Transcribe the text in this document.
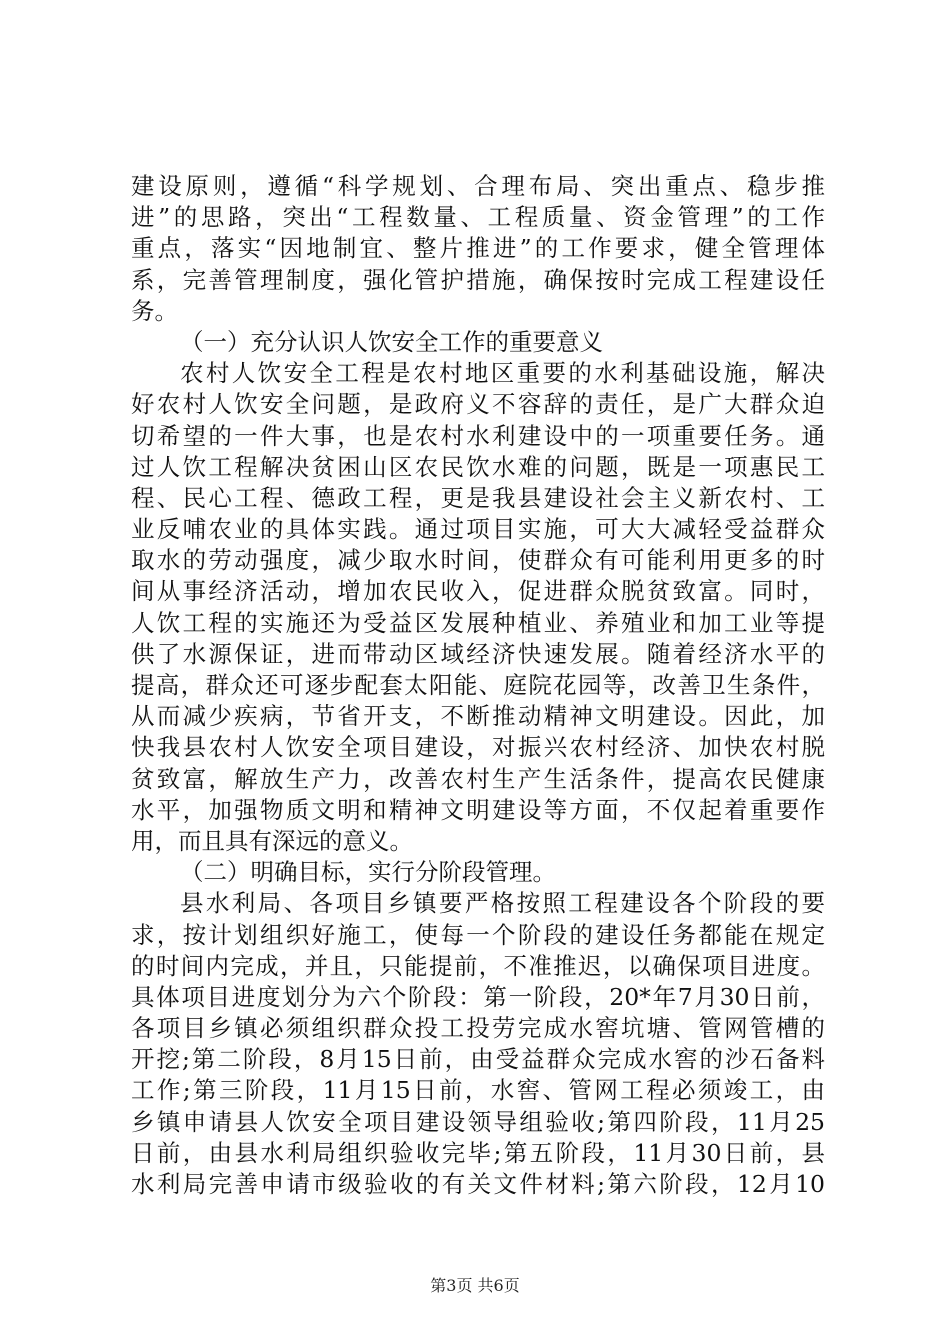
建设原则，遵循“科学规划、合理布局、突出重点、稳步推
进”的思路，突出“工程数量、工程质量、资金管理”的工作
重点，落实“因地制宜、整片推进”的工作要求，健全管理体
系，完善管理制度，强化管护措施，确保按时完成工程建设任
务。
（一）充分认识人饮安全工作的重要意义
农村人饮安全工程是农村地区重要的水利基础设施，解决
好农村人饮安全问题，是政府义不容辞的责任，是广大群众迫
切希望的一件大事，也是农村水利建设中的一项重要任务。通
过人饮工程解决贫困山区农民饮水难的问题，既是一项惠民工
程、民心工程、德政工程，更是我县建设社会主义新农村、工
业反哺农业的具体实践。通过项目实施，可大大减轻受益群众
取水的劳动强度，减少取水时间，使群众有可能利用更多的时
间从事经济活动，增加农民收入，促进群众脱贫致富。同时，
人饮工程的实施还为受益区发展种植业、养殖业和加工业等提
供了水源保证，进而带动区域经济快速发展。随着经济水平的
提高，群众还可逐步配套太阳能、庭院花园等，改善卫生条件，
从而减少疾病，节省开支，不断推动精神文明建设。因此，加
快我县农村人饮安全项目建设，对振兴农村经济、加快农村脱
贫致富，解放生产力，改善农村生产生活条件，提高农民健康
水平，加强物质文明和精神文明建设等方面，不仅起着重要作
用，而且具有深远的意义。
（二）明确目标，实行分阶段管理。
县水利局、各项目乡镇要严格按照工程建设各个阶段的要
求，按计划组织好施工，使每一个阶段的建设任务都能在规定
的时间内完成，并且，只能提前，不准推迟，以确保项目进度。
具体项目进度划分为六个阶段：第一阶段，20*年7月30日前，
各项目乡镇必须组织群众投工投劳完成水窖坑塘、管网管槽的
开挖;第二阶段，8月15日前，由受益群众完成水窖的沙石备料
工作;第三阶段，11月15日前，水窖、管网工程必须竣工，由
乡镇申请县人饮安全项目建设领导组验收;第四阶段，11月25
日前，由县水利局组织验收完毕;第五阶段，11月30日前，县
水利局完善申请市级验收的有关文件材料;第六阶段，12月10
第3页 共6页
